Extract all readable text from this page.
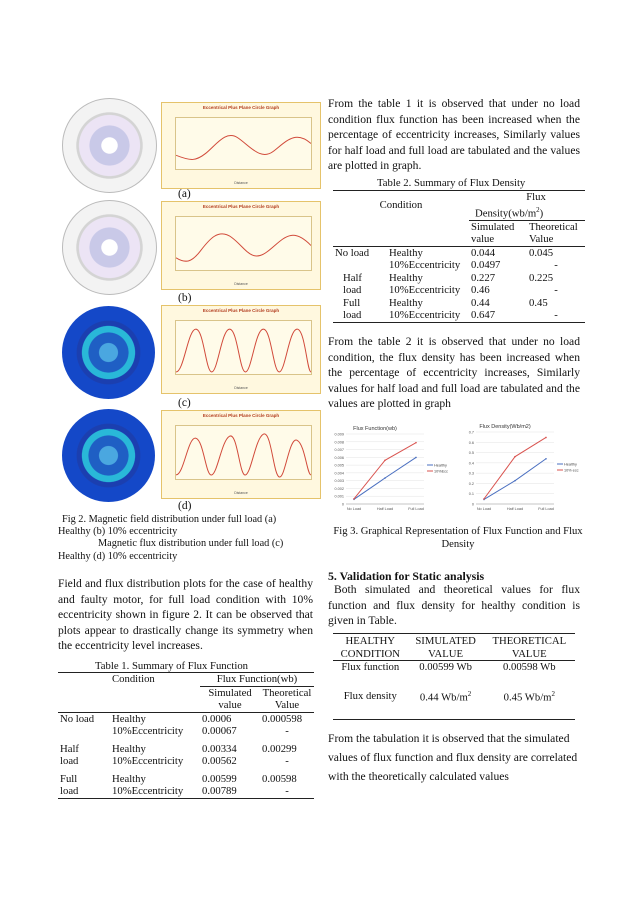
Eccentrical Plus Plane Circle Graph
Distance
(a)
Eccentrical Plus Plane Circle Graph
Distance
(b)
Eccentrical Plus Plane Circle Graph
Distance
(c)
Eccentrical Plus Plane Circle Graph
Distance
(d)
Fig 2. Magnetic field distribution under full load (a)
Healthy (b) 10% eccentricity
Magnetic flux distribution under full load (c)
Healthy (d) 10% eccentricity

Field and flux distribution plots for the case of healthy and faulty motor, for full load condition with 10% eccentricity shown in figure 2. It can be observed that plots appear to drastically change its symmetry when the eccentricity level increases.

Table 1. Summary of Flux Function
	Condition	Flux Function(wb)	
		Simulated	Theoretical
		value	Value
No load	Healthy	0.0006	0.000598
	10%Eccentricity	0.00067	-
Half	Healthy	0.00334	0.00299
load	10%Eccentricity	0.00562	-
Full	Healthy	0.00599	0.00598
load	10%Eccentricity	0.00789	-

From the table 1 it is observed that under no load condition flux function has been increased when the percentage of eccentricity increases, Similarly values for half load and full load are tabulated and the values are plotted in graph.

Table 2. Summary of Flux Density
Condition		Flux	
		$Density(wb/m^2)$	
		Simulated	Theoretical
		value	Value
No load	Healthy	0.044	0.045
	10%Eccentricity	0.0497	-
Half	Healthy	0.227	0.225
load	10%Eccentricity	0.46	-
Full	Healthy	0.44	0.45
load	10%Eccentricity	0.647	-

From the table 2 it is observed that under no load condition, the flux density has been increased when the percentage of eccentricity increases, Similarly values for half load and full load are tabulated and the values are plotted in graph

Flux Function(wb)
0
0.001
0.002
0.003
0.004
0.005
0.006
0.007
0.008
0.009
No Load	Half Load	Full Load
Healthy
10%Ecc
Flux Density(Wb/m2)
0
0.1
0.2
0.3
0.4
0.5
0.6
0.7
No Load	Half Load	Full Load
Healthy
10% ecc
Fig 3. Graphical Representation of Flux Function and Flux
Density
5. Validation for Static analysis

Both simulated and theoretical values for flux function and flux density for healthy condition is given in Table.

HEALTHY	SIMULATED	THEORETICAL
CONDITION	VALUE	VALUE
Flux function	0.00599 Wb	0.00598 Wb
Flux density	0.44 $Wb/m^2$	0.45 $Wb/m^2$

From the tabulation it is observed that the simulated values of flux function and flux density are correlated with the theoretically calculated values
